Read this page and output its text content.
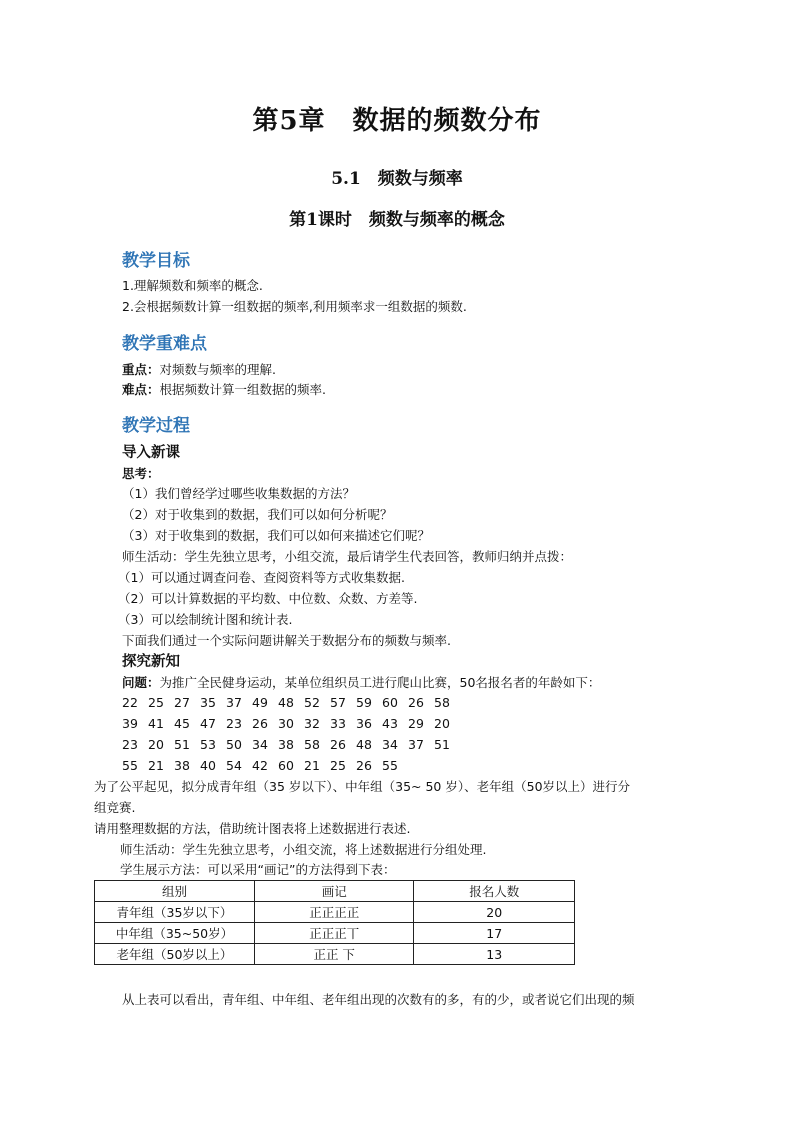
第5章　数据的频数分布
5.1　频数与频率
第1课时　频数与频率的概念
教学目标
1.理解频数和频率的概念.
2.会根据频数计算一组数据的频率,利用频率求一组数据的频数.
教学重难点
重点：对频数与频率的理解.
难点：根据频数计算一组数据的频率.
教学过程
导入新课
思考：
（1）我们曾经学过哪些收集数据的方法？
（2）对于收集到的数据，我们可以如何分析呢？
（3）对于收集到的数据，我们可以如何来描述它们呢？
师生活动：学生先独立思考，小组交流，最后请学生代表回答，教师归纳并点拨：
（1）可以通过调查问卷、查阅资料等方式收集数据.
（2）可以计算数据的平均数、中位数、众数、方差等.
（3）可以绘制统计图和统计表.
下面我们通过一个实际问题讲解关于数据分布的频数与频率.
探究新知
问题：为推广全民健身运动，某单位组织员工进行爬山比赛，50名报名者的年龄如下：
22 25 27 35 37 49 48 52 57 59 60 26 58
39 41 45 47 23 26 30 32 33 36 43 29 20
23 20 51 53 50 34 38 58 26 48 34 37 51
55 21 38 40 54 42 60 21 25 26 55
为了公平起见，拟分成青年组（35 岁以下）、中年组（35~ 50 岁）、老年组（50岁以上）进行分
组竞赛.
请用整理数据的方法，借助统计图表将上述数据进行表述.
师生活动：学生先独立思考，小组交流，将上述数据进行分组处理.
学生展示方法：可以采用“画记”的方法得到下表：
组别	画记	报名人数
青年组（35岁以下）	正正正正	20
中年组（35~50岁）	正正正丅	17
老年组（50岁以上）	正正 下	13
从上表可以看出，青年组、中年组、老年组出现的次数有的多，有的少，或者说它们出现的频
